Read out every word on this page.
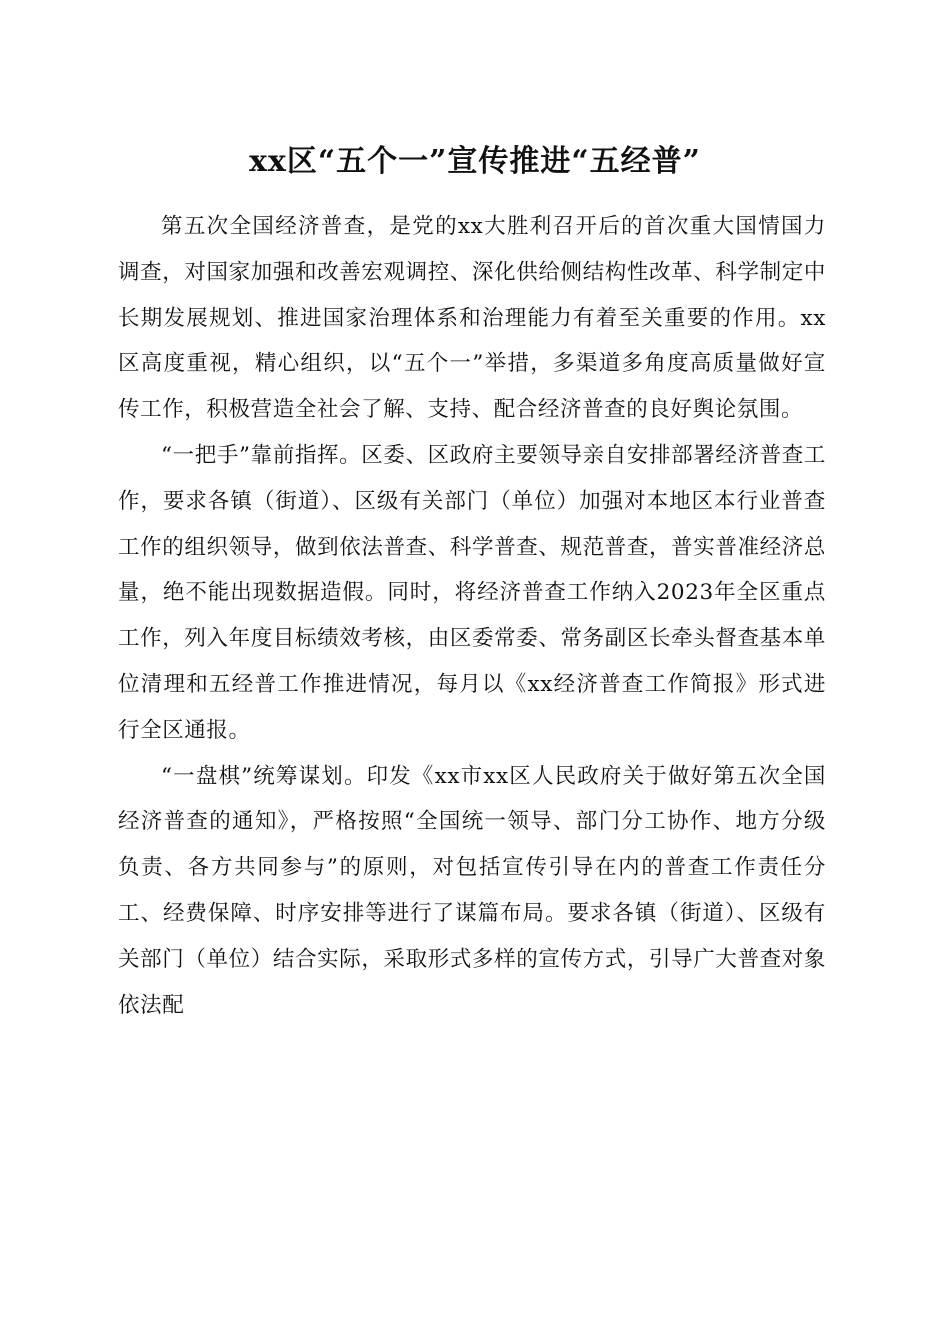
xx区“五个一”宣传推进“五经普”

第五次全国经济普查，是党的xx大胜利召开后的首次重大国情国力调查，对国家加强和改善宏观调控、深化供给侧结构性改革、科学制定中长期发展规划、推进国家治理体系和治理能力有着至关重要的作用。xx区高度重视，精心组织，以“五个一”举措，多渠道多角度高质量做好宣传工作，积极营造全社会了解、支持、配合经济普查的良好舆论氛围。

“一把手”靠前指挥。区委、区政府主要领导亲自安排部署经济普查工作，要求各镇（街道）、区级有关部门（单位）加强对本地区本行业普查工作的组织领导，做到依法普查、科学普查、规范普查，普实普准经济总量，绝不能出现数据造假。同时，将经济普查工作纳入2023年全区重点工作，列入年度目标绩效考核，由区委常委、常务副区长牵头督查基本单位清理和五经普工作推进情况，每月以《xx经济普查工作简报》形式进行全区通报。

“一盘棋”统筹谋划。印发《xx市xx区人民政府关于做好第五次全国经济普查的通知》，严格按照“全国统一领导、部门分工协作、地方分级负责、各方共同参与”的原则，对包括宣传引导在内的普查工作责任分工、经费保障、时序安排等进行了谋篇布局。要求各镇（街道）、区级有关部门（单位）结合实际，采取形式多样的宣传方式，引导广大普查对象依法配
